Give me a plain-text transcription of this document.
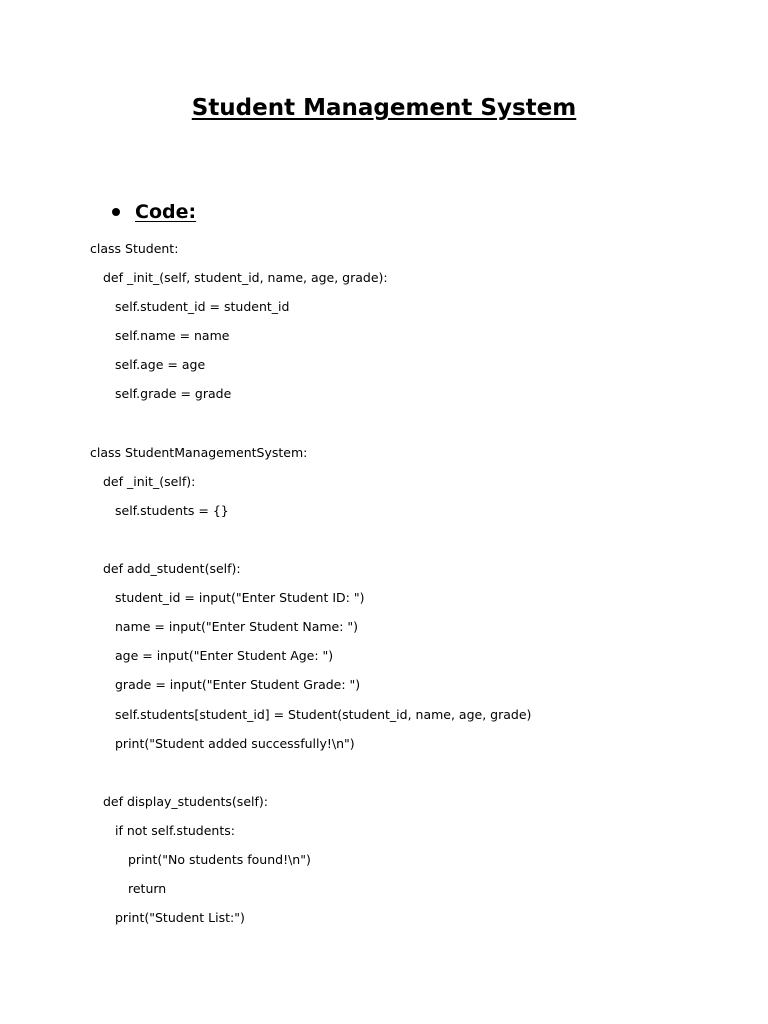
Student Management System
Code:
class Student:
def _init_(self, student_id, name, age, grade):
self.student_id = student_id
self.name = name
self.age = age
self.grade = grade
class StudentManagementSystem:
def _init_(self):
self.students = {}
def add_student(self):
student_id = input("Enter Student ID: ")
name = input("Enter Student Name: ")
age = input("Enter Student Age: ")
grade = input("Enter Student Grade: ")
self.students[student_id] = Student(student_id, name, age, grade)
print("Student added successfully!\n")
def display_students(self):
if not self.students:
print("No students found!\n")
return
print("Student List:")
